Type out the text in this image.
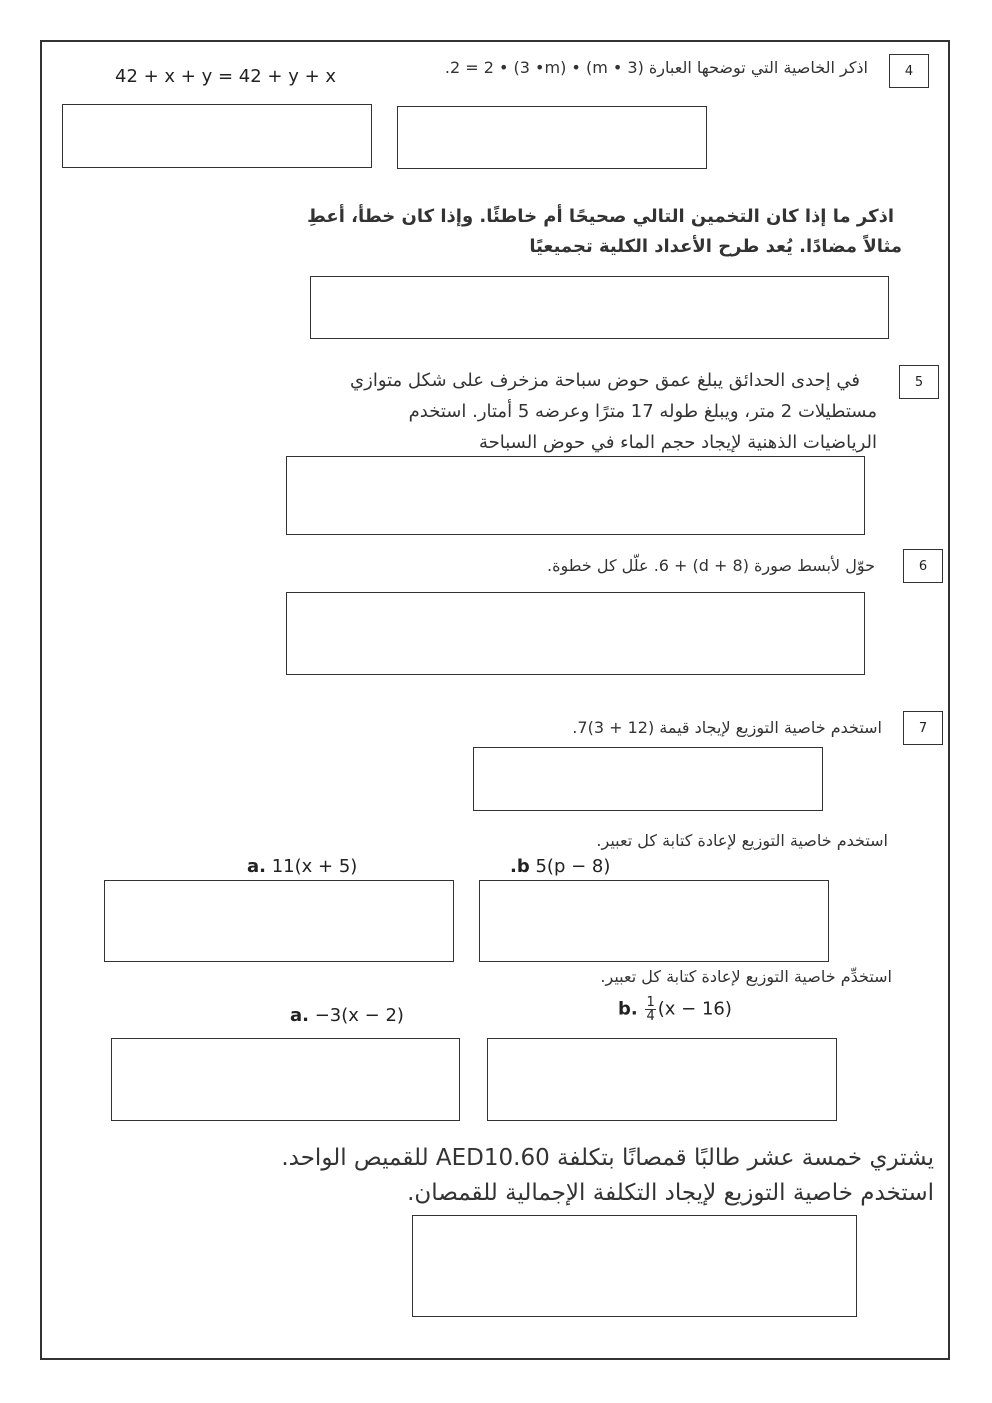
4
اذكر الخاصية التي توضحها العبارة (3 • m) • 2 = 2 • (3 •m).
42 + x + y = 42 + y + x
اذكر ما إذا كان التخمين التالي صحيحًا أم خاطئًا. وإذا كان خطأ، أعطِ
مثالاً مضادًا. يُعد طرح الأعداد الكلية تجميعيًا
5
في إحدى الحدائق يبلغ عمق حوض سباحة مزخرف على شكل متوازي
مستطيلات 2 متر، ويبلغ طوله 17 مترًا وعرضه 5 أمتار. استخدم
الرياضيات الذهنية لإيجاد حجم الماء في حوض السباحة
6
حوّل لأبسط صورة (d + 8) + 6. علّل كل خطوة.
7
استخدم خاصية التوزيع لإيجاد قيمة (12 + 3)7.
استخدم خاصية التوزيع لإعادة كتابة كل تعبير.
a. 11(x + 5)	.b 5(p − 8)
استخدِّم خاصية التوزيع لإعادة كتابة كل تعبير.
a. −3(x − 2)	b. $\frac{1}{4} (x - 16)$
يشتري خمسة عشر طالبًا قمصانًا بتكلفة AED10.60 للقميص الواحد.
استخدم خاصية التوزيع لإيجاد التكلفة الإجمالية للقمصان.
